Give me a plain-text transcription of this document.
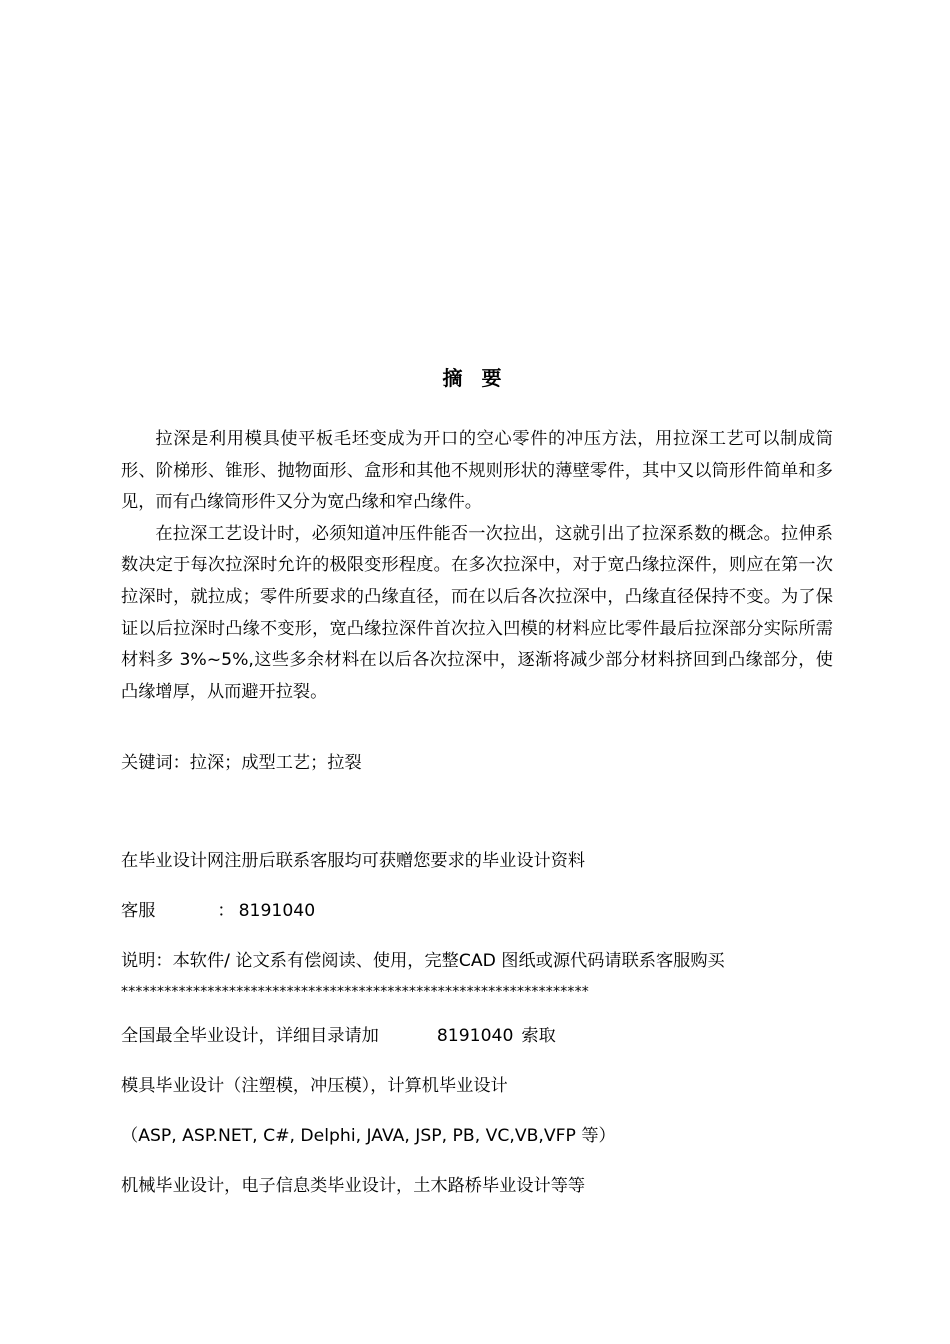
摘 要

拉深是利用模具使平板毛坯变成为开口的空心零件的冲压方法，用拉深工艺可以制成筒形、阶梯形、锥形、抛物面形、盒形和其他不规则形状的薄壁零件，其中又以筒形件简单和多见，而有凸缘筒形件又分为宽凸缘和窄凸缘件。

在拉深工艺设计时，必须知道冲压件能否一次拉出，这就引出了拉深系数的概念。拉伸系数决定于每次拉深时允许的极限变形程度。在多次拉深中，对于宽凸缘拉深件，则应在第一次拉深时，就拉成；零件所要求的凸缘直径，而在以后各次拉深中，凸缘直径保持不变。为了保证以后拉深时凸缘不变形，宽凸缘拉深件首次拉入凹模的材料应比零件最后拉深部分实际所需材料多 3%~5%,这些多余材料在以后各次拉深中，逐渐将减少部分材料挤回到凸缘部分，使凸缘增厚，从而避开拉裂。

关键词：拉深；成型工艺；拉裂
在毕业设计网注册后联系客服均可获赠您要求的毕业设计资料
客服	： 8191040
说明：本软件/ 论文系有偿阅读、使用，完整CAD 图纸或源代码请联系客服购买
*****************************************************************
全国最全毕业设计，详细目录请加	8191040 索取
模具毕业设计（注塑模，冲压模），计算机毕业设计
（ASP, ASP.NET, C#, Delphi, JAVA, JSP, PB, VC,VB,VFP 等）
机械毕业设计，电子信息类毕业设计，土木路桥毕业设计等等
